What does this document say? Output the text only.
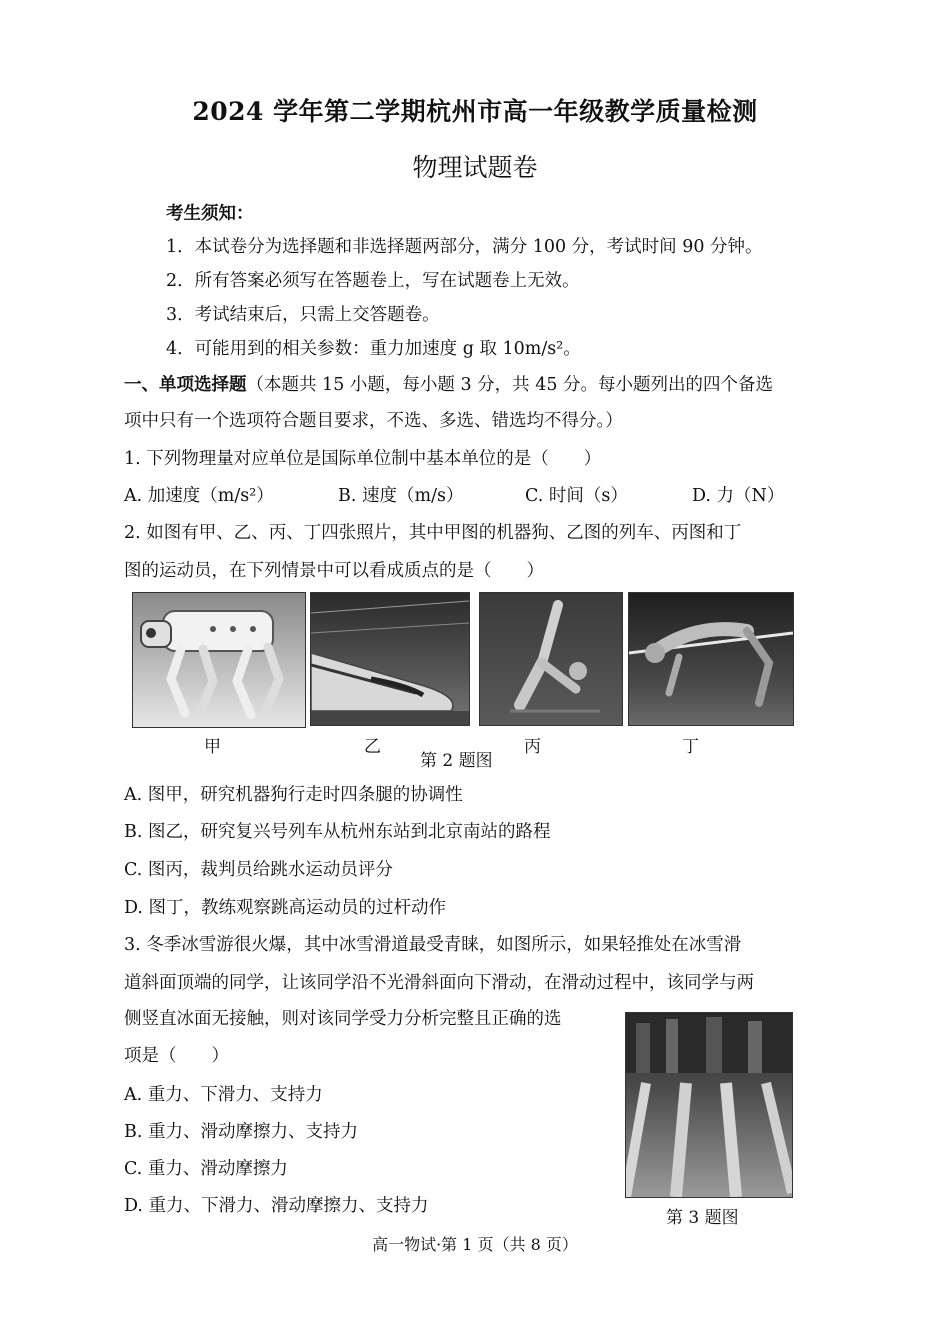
2024 学年第二学期杭州市高一年级教学质量检测
物理试题卷
考生须知：
1．本试卷分为选择题和非选择题两部分，满分 100 分，考试时间 90 分钟。
2．所有答案必须写在答题卷上，写在试题卷上无效。
3．考试结束后，只需上交答题卷。
4．可能用到的相关参数：重力加速度 g 取 10m/s²。
一、单项选择题（本题共 15 小题，每小题 3 分，共 45 分。每小题列出的四个备选
项中只有一个选项符合题目要求，不选、多选、错选均不得分。）
1. 下列物理量对应单位是国际单位制中基本单位的是（　　）
A. 加速度（m/s²）	B. 速度（m/s）	C. 时间（s）	D. 力（N）
2. 如图有甲、乙、丙、丁四张照片，其中甲图的机器狗、乙图的列车、丙图和丁
图的运动员，在下列情景中可以看成质点的是（　　）
甲	乙	丙	丁
第 2 题图
A. 图甲，研究机器狗行走时四条腿的协调性
B. 图乙，研究复兴号列车从杭州东站到北京南站的路程
C. 图丙，裁判员给跳水运动员评分
D. 图丁，教练观察跳高运动员的过杆动作
3. 冬季冰雪游很火爆，其中冰雪滑道最受青睐，如图所示，如果轻推处在冰雪滑
道斜面顶端的同学，让该同学沿不光滑斜面向下滑动，在滑动过程中，该同学与两
侧竖直冰面无接触，则对该同学受力分析完整且正确的选
项是（　　）
A. 重力、下滑力、支持力
B. 重力、滑动摩擦力、支持力
C. 重力、滑动摩擦力
D. 重力、下滑力、滑动摩擦力、支持力
第 3 题图
高一物试·第 1 页（共 8 页）
